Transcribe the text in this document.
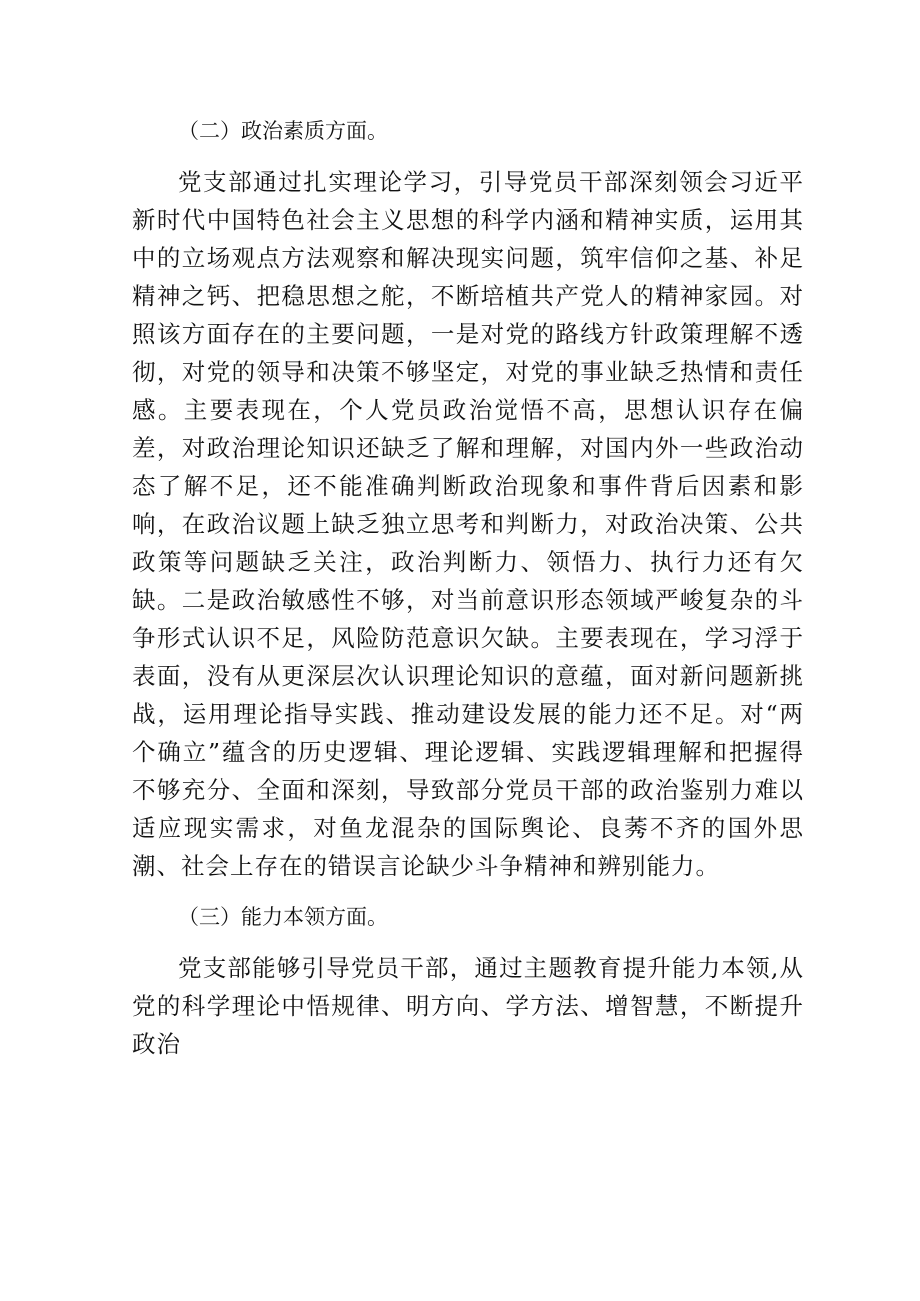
（二）政治素质方面。

党支部通过扎实理论学习，引导党员干部深刻领会习近平新时代中国特色社会主义思想的科学内涵和精神实质，运用其中的立场观点方法观察和解决现实问题，筑牢信仰之基、补足精神之钙、把稳思想之舵，不断培植共产党人的精神家园。对照该方面存在的主要问题，一是对党的路线方针政策理解不透彻，对党的领导和决策不够坚定，对党的事业缺乏热情和责任感。主要表现在，个人党员政治觉悟不高，思想认识存在偏差，对政治理论知识还缺乏了解和理解，对国内外一些政治动态了解不足，还不能准确判断政治现象和事件背后因素和影响，在政治议题上缺乏独立思考和判断力，对政治决策、公共政策等问题缺乏关注，政治判断力、领悟力、执行力还有欠缺。二是政治敏感性不够，对当前意识形态领域严峻复杂的斗争形式认识不足，风险防范意识欠缺。主要表现在，学习浮于表面，没有从更深层次认识理论知识的意蕴，面对新问题新挑战，运用理论指导实践、推动建设发展的能力还不足。对“两个确立”蕴含的历史逻辑、理论逻辑、实践逻辑理解和把握得不够充分、全面和深刻，导致部分党员干部的政治鉴别力难以适应现实需求，对鱼龙混杂的国际舆论、良莠不齐的国外思潮、社会上存在的错误言论缺少斗争精神和辨别能力。

（三）能力本领方面。

党支部能够引导党员干部，通过主题教育提升能力本领,从党的科学理论中悟规律、明方向、学方法、增智慧，不断提升政治
